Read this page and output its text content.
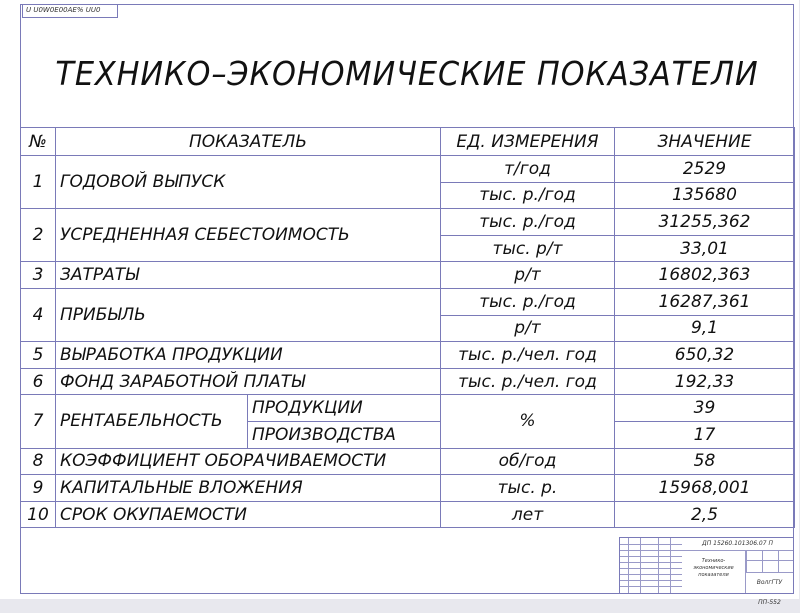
U U0W0E00AE% UU0
ТЕХНИКО–ЭКОНОМИЧЕСКИЕ ПОКАЗАТЕЛИ
№	ПОКАЗАТЕЛЬ		ЕД. ИЗМЕРЕНИЯ	ЗНАЧЕНИЕ
1	ГОДОВОЙ ВЫПУСК		т/год	2529
			тыс. р./год	135680
2	УСРЕДНЕННАЯ СЕБЕСТОИМОСТЬ		тыс. р./год	31255,362
			тыс. р/т	33,01
3	ЗАТРАТЫ		р/т	16802,363
4	ПРИБЫЛЬ		тыс. р./год	16287,361
			р/т	9,1
5	ВЫРАБОТКА ПРОДУКЦИИ		тыс. р./чел. год	650,32
6	ФОНД ЗАРАБОТНОЙ ПЛАТЫ		тыс. р./чел. год	192,33
7	РЕНТАБЕЛЬНОСТЬ	ПРОДУКЦИИ	%	39
		ПРОИЗВОДСТВА		17
8	КОЭФФИЦИЕНТ ОБОРАЧИВАЕМОСТИ		об/год	58
9	КАПИТАЛЬНЫЕ ВЛОЖЕНИЯ		тыс. р.	15968,001
10	СРОК ОКУПАЕМОСТИ		лет	2,5
ДП 15260.101306.07 П
Технико-экономические показатели
ВолгГТУ ПП-552
